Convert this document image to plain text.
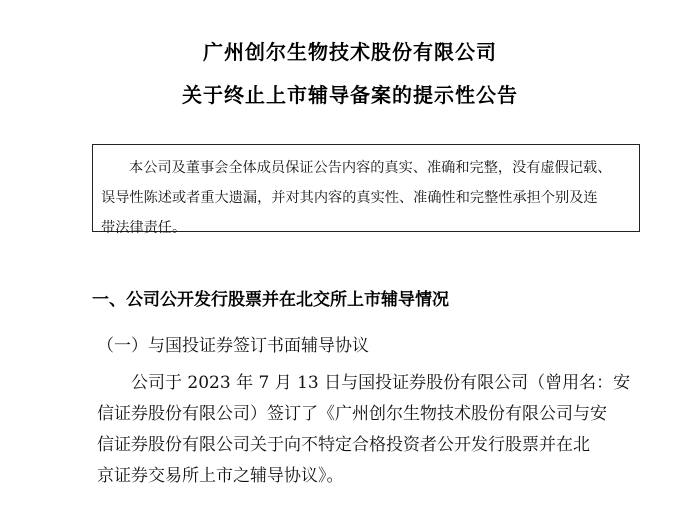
广州创尔生物技术股份有限公司
关于终止上市辅导备案的提示性公告
本公司及董事会全体成员保证公告内容的真实、准确和完整，没有虚假记载、
误导性陈述或者重大遗漏，并对其内容的真实性、准确性和完整性承担个别及连
带法律责任。
一、公司公开发行股票并在北交所上市辅导情况
（一）与国投证券签订书面辅导协议
公司于 2023 年 7 月 13 日与国投证券股份有限公司（曾用名：安
信证券股份有限公司）签订了《广州创尔生物技术股份有限公司与安
信证券股份有限公司关于向不特定合格投资者公开发行股票并在北
京证券交易所上市之辅导协议》。
